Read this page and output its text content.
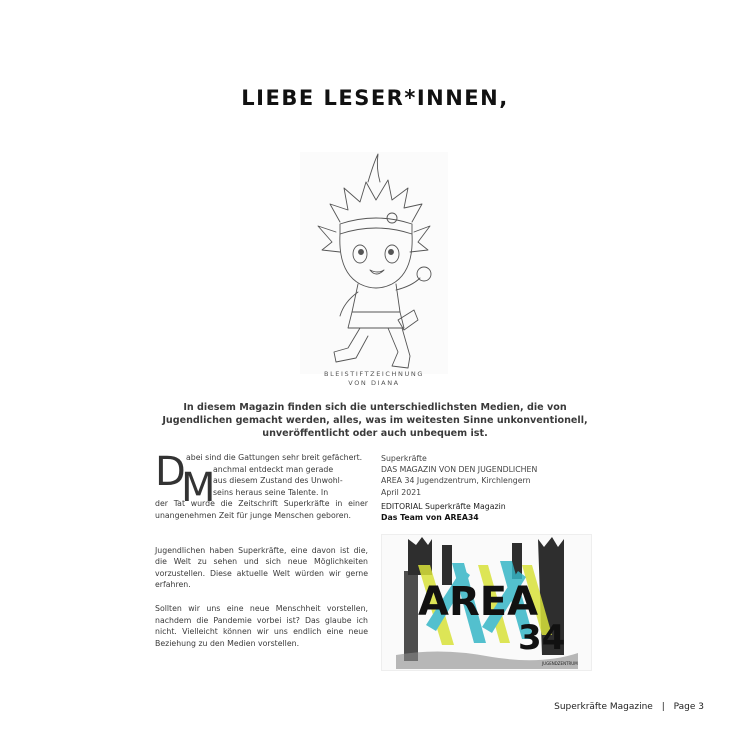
LIEBE LESER*INNEN,
BLEISTIFTZEICHNUNG
VON DIANA
In diesem Magazin finden sich die unterschiedlichsten Medien, die von Jugendlichen gemacht werden, alles, was im weitesten Sinne unkonventionell, unveröffentlicht oder auch unbequem ist.
D
M
abei sind die Gattungen sehr breit gefächert.
anchmal entdeckt man gerade
aus diesem Zustand des Unwohl-
seins heraus seine Talente. In
der Tat wurde die Zeitschrift Superkräfte in einer unangenehmen Zeit für junge Menschen geboren.

Jugendlichen haben Superkräfte, eine davon ist die, die Welt zu sehen und sich neue Möglichkeiten vorzustellen. Diese aktuelle Welt würden wir gerne erfahren.

Sollten wir uns eine neue Menschheit vorstellen, nachdem die Pandemie vorbei ist? Das glaube ich nicht. Vielleicht können wir uns endlich eine neue Beziehung zu den Medien vorstellen.

Superkräfte
DAS MAGAZIN VON DEN JUGENDLICHEN
AREA 34 Jugendzentrum, Kirchlengern
April 2021
EDITORIAL Superkräfte Magazin
Das Team von AREA34
AREA
34
JUGENDZENTRUM
Superkräfte Magazine | Page 3
